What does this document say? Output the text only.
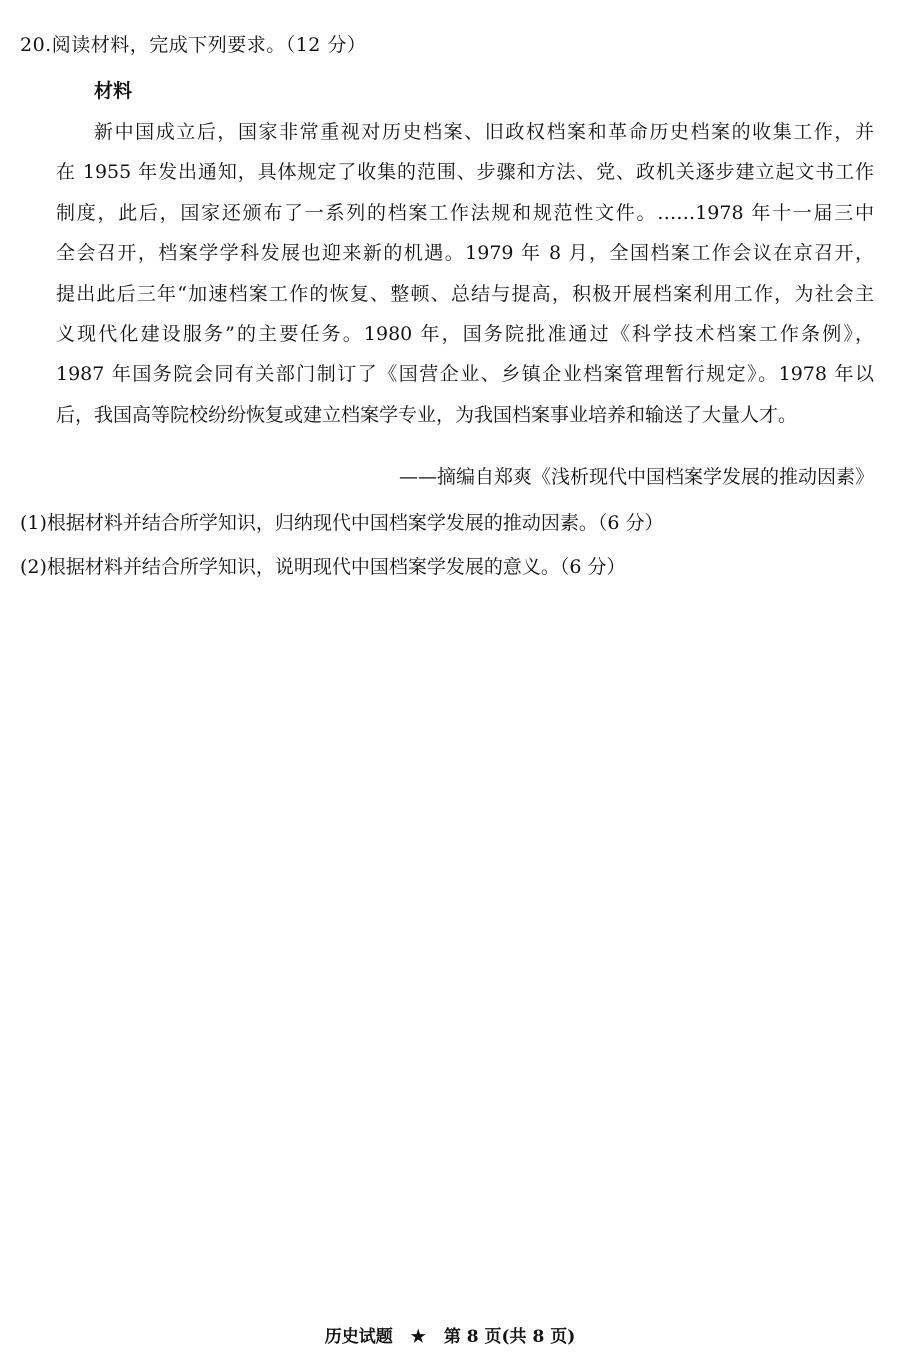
20.阅读材料，完成下列要求。（12 分）
材料
新中国成立后，国家非常重视对历史档案、旧政权档案和革命历史档案的收集工作，并
在 1955 年发出通知，具体规定了收集的范围、步骤和方法、党、政机关逐步建立起文书工作
制度，此后，国家还颁布了一系列的档案工作法规和规范性文件。……1978 年十一届三中
全会召开，档案学学科发展也迎来新的机遇。1979 年 8 月，全国档案工作会议在京召开，
提出此后三年“加速档案工作的恢复、整顿、总结与提高，积极开展档案利用工作，为社会主
义现代化建设服务”的主要任务。1980 年，国务院批准通过《科学技术档案工作条例》，
1987 年国务院会同有关部门制订了《国营企业、乡镇企业档案管理暂行规定》。1978 年以
后，我国高等院校纷纷恢复或建立档案学专业，为我国档案事业培养和输送了大量人才。
——摘编自郑爽《浅析现代中国档案学发展的推动因素》
(1)根据材料并结合所学知识，归纳现代中国档案学发展的推动因素。（6 分）
(2)根据材料并结合所学知识，说明现代中国档案学发展的意义。（6 分）
历史试题 ★ 第 8 页(共 8 页)
